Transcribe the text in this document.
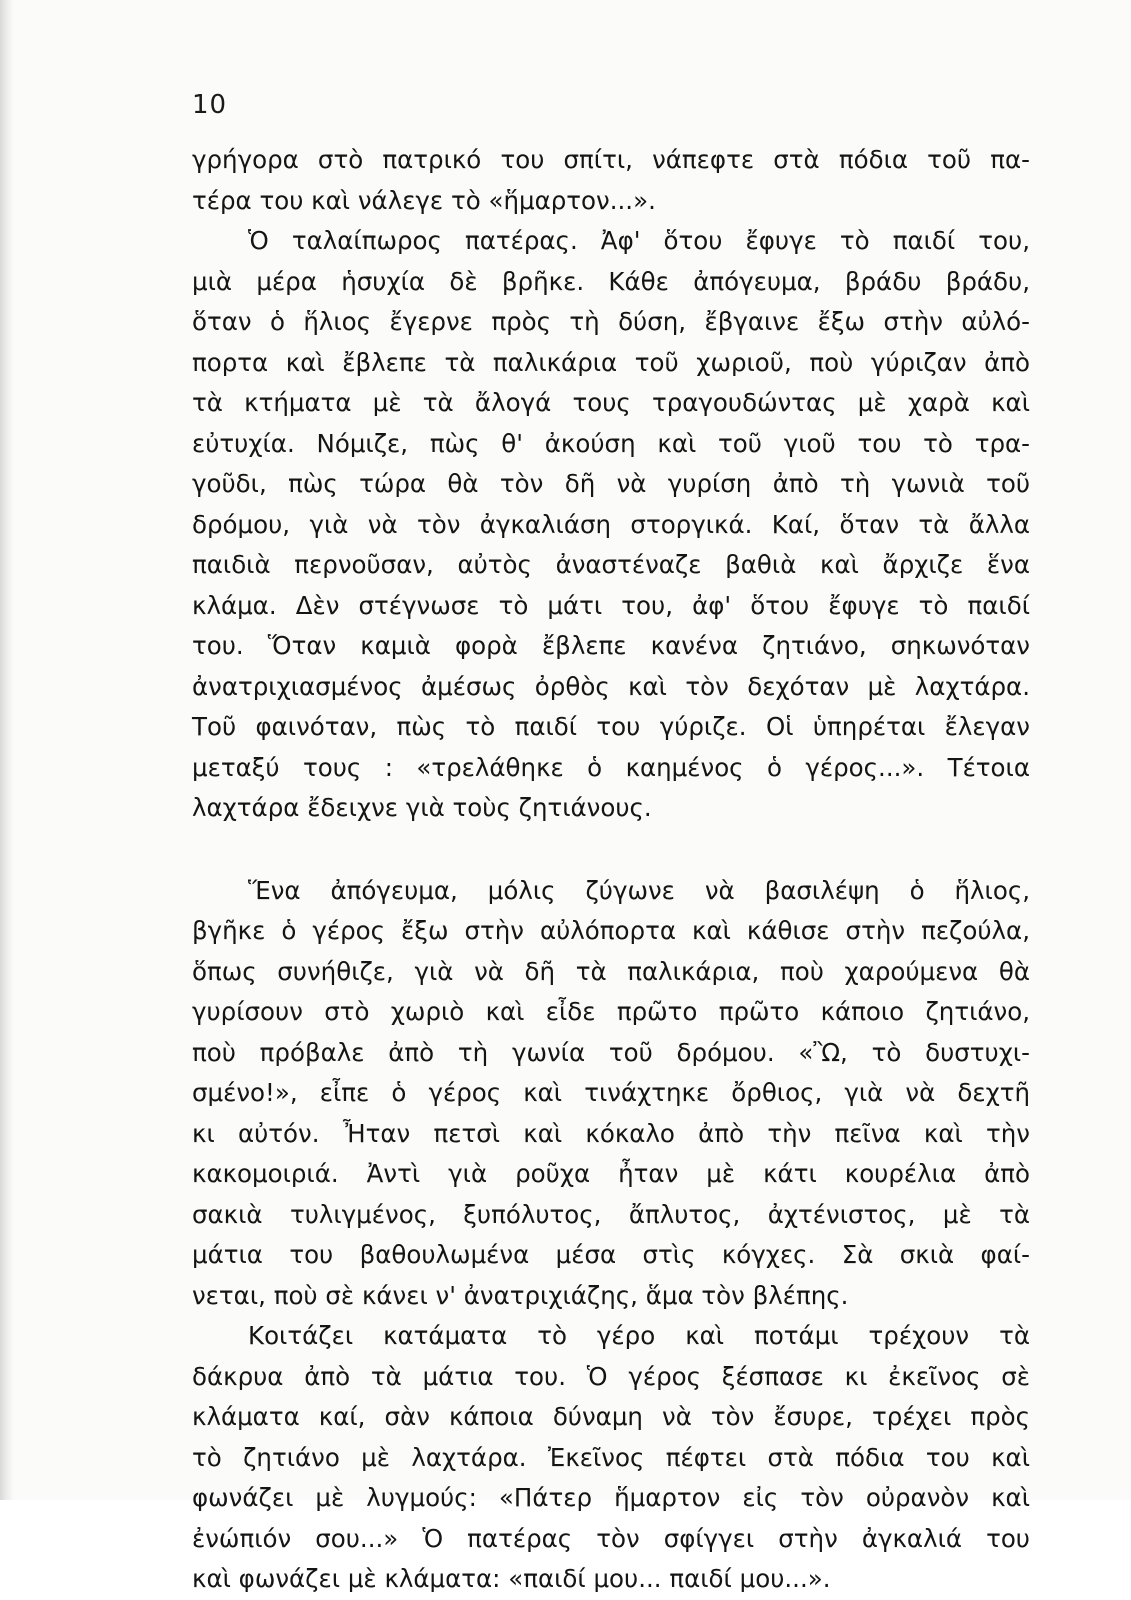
10
γρήγορα στὸ πατρικό του σπίτι, νάπεφτε στὰ πόδια τοῦ πα-
τέρα του καὶ νάλεγε τὸ «ἥμαρτον...».
Ὁ ταλαίπωρος πατέρας. Ἀφ' ὅτου ἔφυγε τὸ παιδί του,
μιὰ μέρα ἡσυχία δὲ βρῆκε. Κάθε ἀπόγευμα, βράδυ βράδυ,
ὅταν ὁ ἥλιος ἔγερνε πρὸς τὴ δύση, ἔβγαινε ἔξω στὴν αὐλό-
πορτα καὶ ἔβλεπε τὰ παλικάρια τοῦ χωριοῦ, ποὺ γύριζαν ἀπὸ
τὰ κτήματα μὲ τὰ ἄλογά τους τραγουδώντας μὲ χαρὰ καὶ
εὐτυχία. Νόμιζε, πὼς θ' ἀκούση καὶ τοῦ γιοῦ του τὸ τρα-
γοῦδι, πὼς τώρα θὰ τὸν δῆ νὰ γυρίση ἀπὸ τὴ γωνιὰ τοῦ
δρόμου, γιὰ νὰ τὸν ἀγκαλιάση στοργικά. Καί, ὅταν τὰ ἄλλα
παιδιὰ περνοῦσαν, αὐτὸς ἀναστέναζε βαθιὰ καὶ ἄρχιζε ἕνα
κλάμα. Δὲν στέγνωσε τὸ μάτι του, ἀφ' ὅτου ἔφυγε τὸ παιδί
του. Ὅταν καμιὰ φορὰ ἔβλεπε κανένα ζητιάνο, σηκωνόταν
ἀνατριχιασμένος ἀμέσως ὀρθὸς καὶ τὸν δεχόταν μὲ λαχτάρα.
Τοῦ φαινόταν, πὼς τὸ παιδί του γύριζε. Οἱ ὑπηρέται ἔλεγαν
μεταξύ τους : «τρελάθηκε ὁ καημένος ὁ γέρος...». Τέτοια
λαχτάρα ἔδειχνε γιὰ τοὺς ζητιάνους.
Ἕνα ἀπόγευμα, μόλις ζύγωνε νὰ βασιλέψη ὁ ἥλιος,
βγῆκε ὁ γέρος ἔξω στὴν αὐλόπορτα καὶ κάθισε στὴν πεζούλα,
ὅπως συνήθιζε, γιὰ νὰ δῆ τὰ παλικάρια, ποὺ χαρούμενα θὰ
γυρίσουν στὸ χωριὸ καὶ εἶδε πρῶτο πρῶτο κάποιο ζητιάνο,
ποὺ πρόβαλε ἀπὸ τὴ γωνία τοῦ δρόμου. «Ὢ, τὸ δυστυχι-
σμένο!», εἶπε ὁ γέρος καὶ τινάχτηκε ὄρθιος, γιὰ νὰ δεχτῆ
κι αὐτόν. Ἦταν πετσὶ καὶ κόκαλο ἀπὸ τὴν πεῖνα καὶ τὴν
κακομοιριά. Ἀντὶ γιὰ ροῦχα ἦταν μὲ κάτι κουρέλια ἀπὸ
σακιὰ τυλιγμένος, ξυπόλυτος, ἄπλυτος, ἀχτένιστος, μὲ τὰ
μάτια του βαθουλωμένα μέσα στὶς κόγχες. Σὰ σκιὰ φαί-
νεται, ποὺ σὲ κάνει ν' ἀνατριχιάζης, ἅμα τὸν βλέπης.
Κοιτάζει κατάματα τὸ γέρο καὶ ποτάμι τρέχουν τὰ
δάκρυα ἀπὸ τὰ μάτια του. Ὁ γέρος ξέσπασε κι ἐκεῖνος σὲ
κλάματα καί, σὰν κάποια δύναμη νὰ τὸν ἔσυρε, τρέχει πρὸς
τὸ ζητιάνο μὲ λαχτάρα. Ἐκεῖνος πέφτει στὰ πόδια του καὶ
φωνάζει μὲ λυγμούς: «Πάτερ ἥμαρτον εἰς τὸν οὐρανὸν καὶ
ἐνώπιόν σου...» Ὁ πατέρας τὸν σφίγγει στὴν ἀγκαλιά του
καὶ φωνάζει μὲ κλάματα: «παιδί μου... παιδί μου...».
